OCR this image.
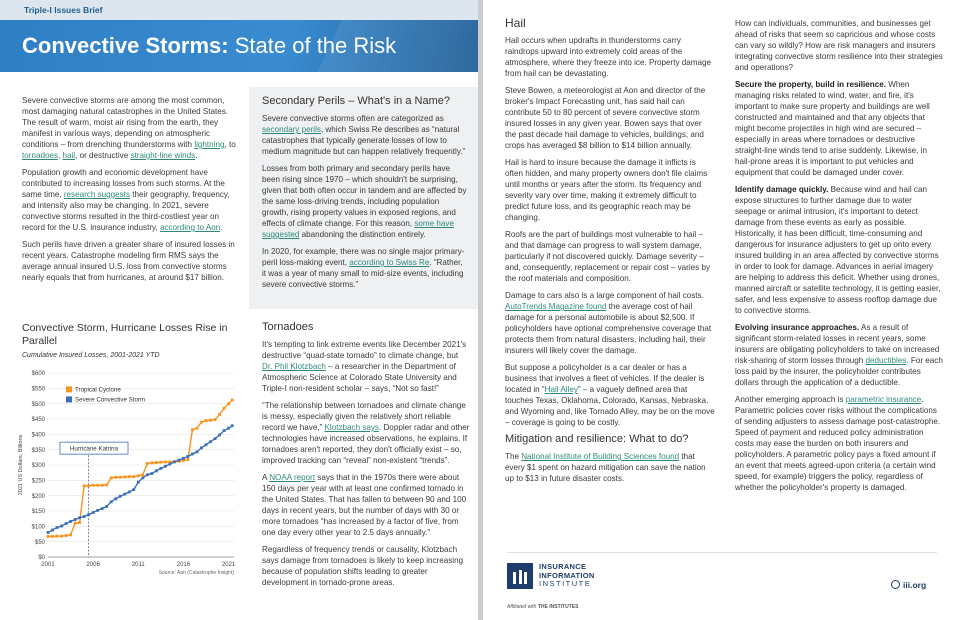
Triple-I Issues Brief
Convective Storms: State of the Risk

Severe convective storms are among the most common, most damaging natural catastrophes in the United States. The result of warm, moist air rising from the earth, they manifest in various ways, depending on atmospheric conditions – from drenching thunderstorms with lightning, to tornadoes, hail, or destructive straight-line winds.

Population growth and economic development have contributed to increasing losses from such storms. At the same time, research suggests their geography, frequency, and intensity also may be changing. In 2021, severe convective storms resulted in the third-costliest year on record for the U.S. insurance industry, according to Aon.

Such perils have driven a greater share of insured losses in recent years. Catastrophe modeling firm RMS says the average annual insured U.S. loss from convective storms nearly equals that from hurricanes, at around $17 billion.

Secondary Perils – What's in a Name?

Severe convective storms often are categorized as secondary perils, which Swiss Re describes as “natural catastrophes that typically generate losses of low to medium magnitude but can happen relatively frequently.”

Losses from both primary and secondary perils have been rising since 1970 – which shouldn't be surprising, given that both often occur in tandem and are affected by the same loss-driving trends, including population growth, rising property values in exposed regions, and effects of climate change. For this reason, some have suggested abandoning the distinction entirely.

In 2020, for example, there was no single major primary-peril loss-making event, according to Swiss Re. “Rather, it was a year of many small to mid-size events, including severe convective storms.”

Convective Storm, Hurricane Losses Rise in Parallel
Cumulative Insured Losses, 2001-2021 YTD
$0
$50
$100
$150
$200
$250
$300
$350
$400
$450
$500
$550
$600
2001	2006	2011	2016	2021
2021 US Dollars, Billions	Hurricane Katrina
Tropical Cyclone
Severe Convective Storm
Source: Aon (Catastrophe Insight)
Tornadoes

It's tempting to link extreme events like December 2021's destructive “quad-state tornado” to climate change, but Dr. Phil Klotzbach – a researcher in the Department of Atmospheric Science at Colorado State University and Triple-I non-resident scholar – says, “Not so fast!”

“The relationship between tornadoes and climate change is messy, especially given the relatively short reliable record we have,” Klotzbach says. Doppler radar and other technologies have increased observations, he explains. If tornadoes aren't reported, they don't officially exist – so, improved tracking can “reveal” non-existent “trends”.

A NOAA report says that in the 1970s there were about 150 days per year with at least one confirmed tornado in the United States. That has fallen to between 90 and 100 days in recent years, but the number of days with 30 or more tornadoes “has increased by a factor of five, from one day every other year to 2.5 days annually.”

Regardless of frequency trends or causality, Klotzbach says damage from tornadoes is likely to keep increasing because of population shifts leading to greater development in tornado-prone areas.

Hail

Hail occurs when updrafts in thunderstorms carry raindrops upward into extremely cold areas of the atmosphere, where they freeze into ice. Property damage from hail can be devastating.

Steve Bowen, a meteorologist at Aon and director of the broker's Impact Forecasting unit, has said hail can contribute 50 to 80 percent of severe convective storm insured losses in any given year. Bowen says that over the past decade hail damage to vehicles, buildings, and crops has averaged $8 billion to $14 billion annually.

Hail is hard to insure because the damage it inflicts is often hidden, and many property owners don't file claims until months or years after the storm. Its frequency and severity vary over time, making it extremely difficult to predict future loss, and its geographic reach may be changing.

Roofs are the part of buildings most vulnerable to hail – and that damage can progress to wall system damage, particularly if not discovered quickly. Damage severity – and, consequently, replacement or repair cost – varies by the roof materials and composition.

Damage to cars also is a large component of hail costs. AutoTrends Magazine found the average cost of hail damage for a personal automobile is about $2,500. If policyholders have optional comprehensive coverage that protects them from natural disasters, including hail, their insurers will likely cover the damage.

But suppose a policyholder is a car dealer or has a business that involves a fleet of vehicles. If the dealer is located in “Hail Alley” – a vaguely defined area that touches Texas, Oklahoma, Colorado, Kansas, Nebraska, and Wyoming and, like Tornado Alley, may be on the move – coverage is going to be costly.

Mitigation and resilience: What to do?

The National Institute of Building Sciences found that every $1 spent on hazard mitigation can save the nation up to $13 in future disaster costs.

How can individuals, communities, and businesses get ahead of risks that seem so capricious and whose costs can vary so wildly? How are risk managers and insurers integrating convective storm resilience into their strategies and operations?

Secure the property, build in resilience. When managing risks related to wind, water, and fire, it's important to make sure property and buildings are well constructed and maintained and that any objects that might become projectiles in high wind are secured – especially in areas where tornadoes or destructive straight-line winds tend to arise suddenly. Likewise, in hail-prone areas it is important to put vehicles and equipment that could be damaged under cover.

Identify damage quickly. Because wind and hail can expose structures to further damage due to water seepage or animal intrusion, it's important to detect damage from these events as early as possible. Historically, it has been difficult, time-consuming and dangerous for insurance adjusters to get up onto every insured building in an area affected by convective storms in order to look for damage. Advances in aerial imagery are helping to address this deficit. Whether using drones, manned aircraft or satellite technology, it is getting easier, safer, and less expensive to assess rooftop damage due to convective storms.

Evolving insurance approaches. As a result of significant storm-related losses in recent years, some insurers are obligating policyholders to take on increased risk-sharing of storm losses through deductibles. For each loss paid by the insurer, the policyholder contributes dollars through the application of a deductible.

Another emerging approach is parametric insurance. Parametric policies cover risks without the complications of sending adjusters to assess damage post-catastrophe. Speed of payment and reduced policy administration costs may ease the burden on both insurers and policyholders. A parametric policy pays a fixed amount if an event that meets agreed-upon criteria (a certain wind speed, for example) triggers the policy, regardless of whether the policyholder's property is damaged.

INSURANCE
INFORMATION
INSTITUTE
Affiliated with THE INSTITUTES
iii.org
